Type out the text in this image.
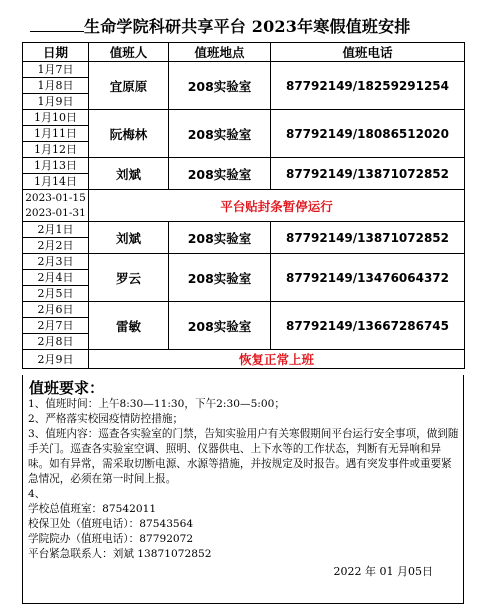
生命学院科研共享平台 2023年寒假值班安排
日期	值班人	值班地点	值班电话
1月7日	宜原原	208实验室	87792149/18259291254
1月8日			
1月9日			
1月10日	阮梅林	208实验室	87792149/18086512020
1月11日			
1月12日			
1月13日	刘斌	208实验室	87792149/13871072852
1月14日			
2023-01-15
2023-01-31	平台贴封条暂停运行		
2月1日	刘斌	208实验室	87792149/13871072852
2月2日			
2月3日	罗云	208实验室	87792149/13476064372
2月4日			
2月5日			
2月6日	雷敏	208实验室	87792149/13667286745
2月7日			
2月8日			
2月9日	恢复正常上班		
值班要求：
1、值班时间：上午8:30—11:30，下午2:30—5:00；
2、严格落实校园疫情防控措施；
3、值班内容：巡查各实验室的门禁，告知实验用户有关寒假期间平台运行安全事项，做到随手关门。巡查各实验室空调、照明、仪器供电、上下水等的工作状态，判断有无异响和异味。如有异常，需采取切断电源、水源等措施，并按规定及时报告。遇有突发事件或重要紧急情况，必须在第一时间上报。
4、
学校总值班室：87542011
校保卫处（值班电话）：87543564
学院院办（值班电话）：87792072
平台紧急联系人：刘斌 13871072852
2022 年 01 月05日
